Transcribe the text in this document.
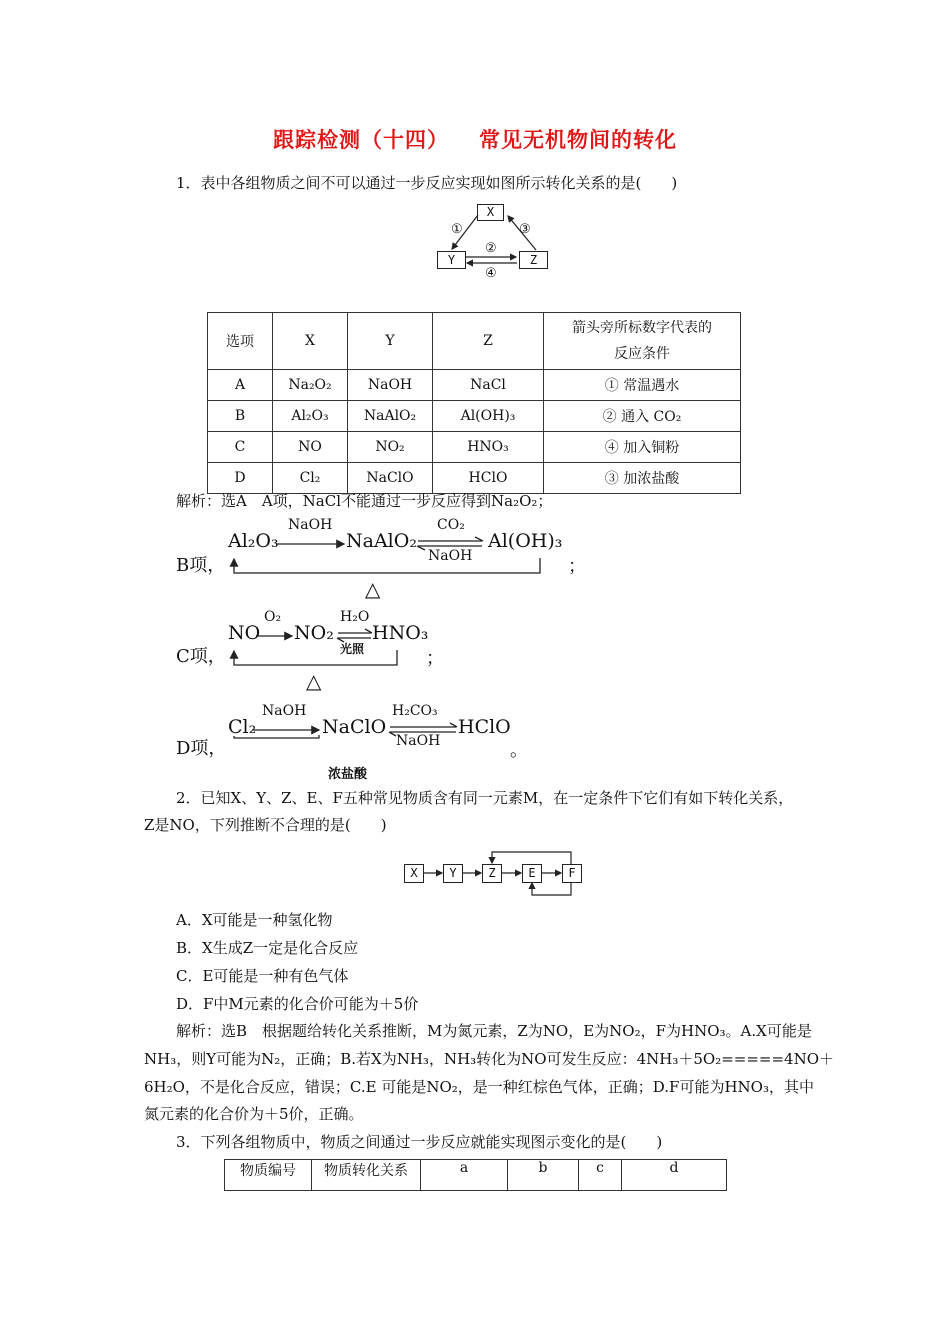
跟踪检测（十四） 常见无机物间的转化
1．表中各组物质之间不可以通过一步反应实现如图所示转化关系的是(　　)
X
Y	Z
①	③
②
④
选项	X	Y	Z	箭头旁所标数字代表的
反应条件

A	Na₂O₂	NaOH	NaCl	① 常温遇水
B	Al₂O₃	NaAlO₂	Al(OH)₃	② 通入 CO₂
C	NO	NO₂	HNO₃	④ 加入铜粉
D	Cl₂	NaClO	HClO	③ 加浓盐酸
解析：选A　A项，NaCl不能通过一步反应得到Na₂O₂；
B项，
Al₂O₃
NaOH
NaAlO₂
CO₂
NaOH
Al(OH)₃
；
△
C项，
NO
O₂
NO₂
H₂O
光照
HNO₃
；
△
D项，
Cl₂
NaOH
NaClO
H₂CO₃
NaOH
HClO
。
浓盐酸
2．已知X、Y、Z、E、F五种常见物质含有同一元素M，在一定条件下它们有如下转化关系，
Z是NO，下列推断不合理的是(　　)
X	Y	Z	E	F
A．X可能是一种氢化物
B．X生成Z一定是化合反应
C．E可能是一种有色气体
D．F中M元素的化合价可能为＋5价
解析：选B　根据题给转化关系推断，M为氮元素，Z为NO，E为NO₂，F为HNO₃。A.X可能是
NH₃，则Y可能为N₂，正确；B.若X为NH₃，NH₃转化为NO可发生反应：4NH₃＋5O₂=====4NO＋
6H₂O，不是化合反应，错误；C.E 可能是NO₂，是一种红棕色气体，正确；D.F可能为HNO₃，其中
氮元素的化合价为＋5价，正确。
3．下列各组物质中，物质之间通过一步反应就能实现图示变化的是(　　)
物质编号	物质转化关系	a	b	c	d
